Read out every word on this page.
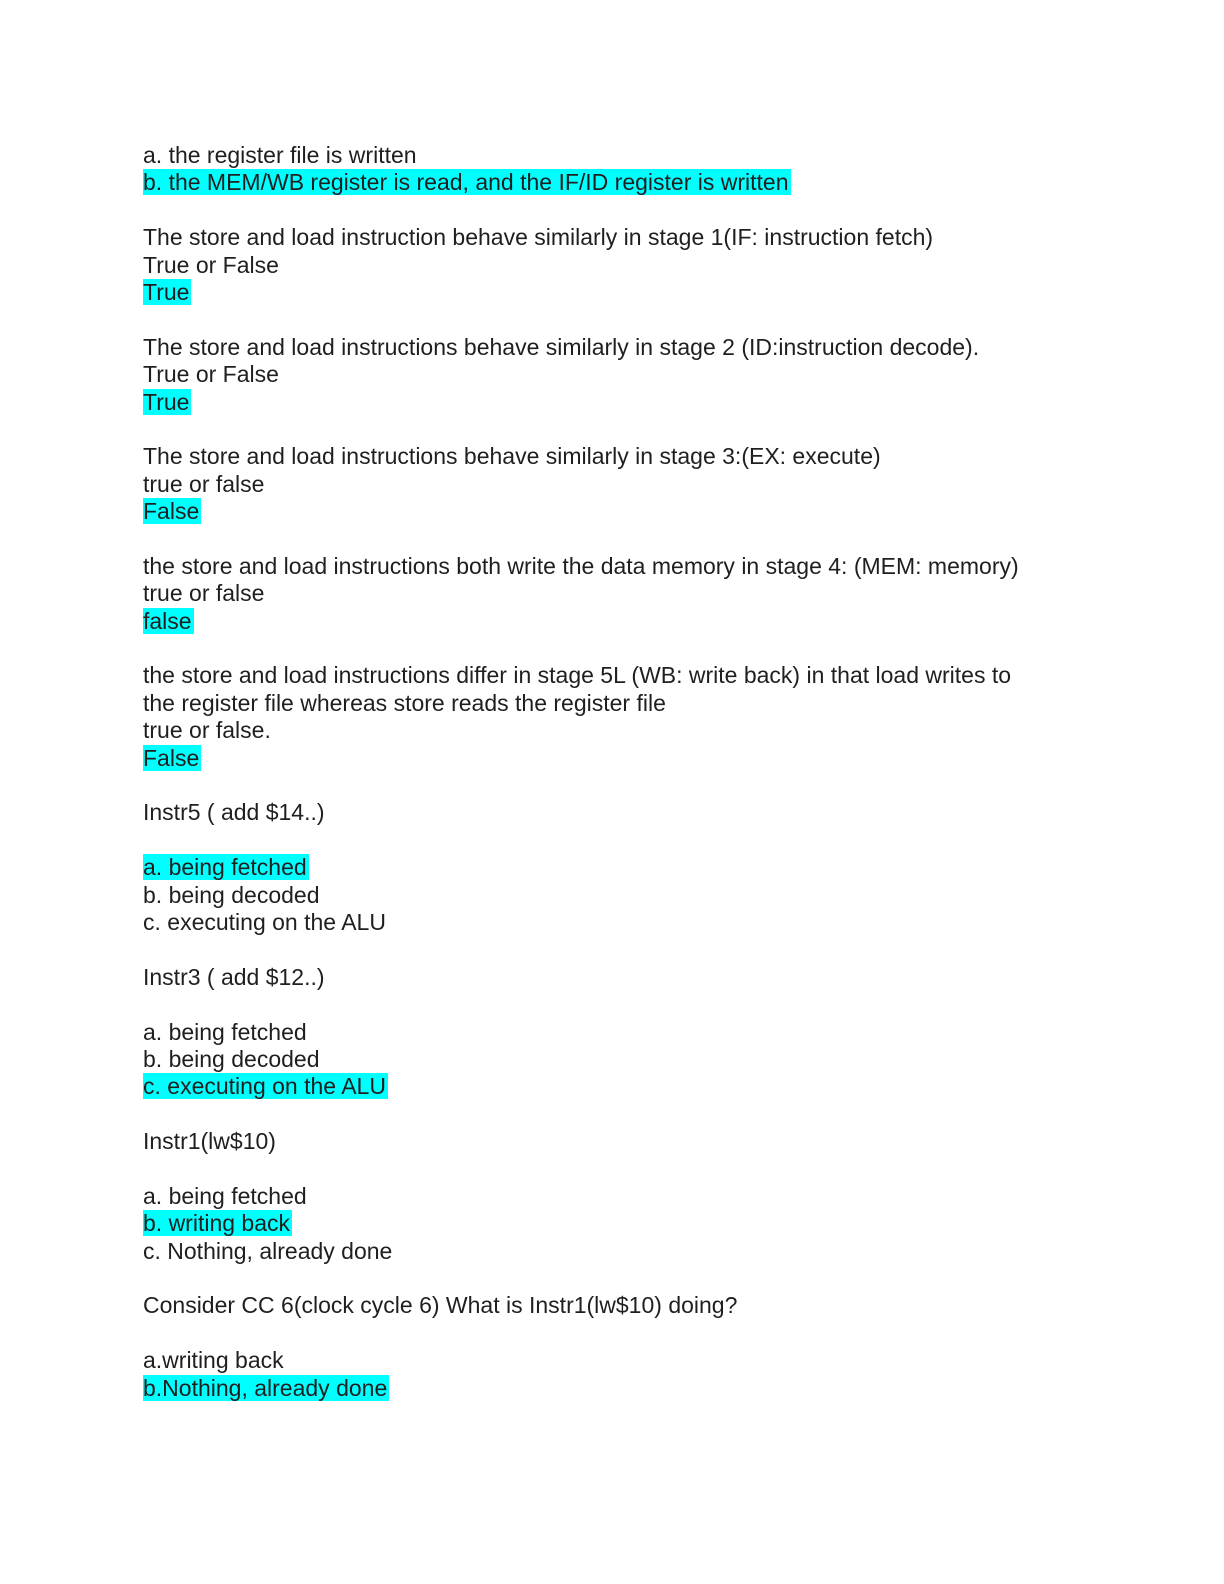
a. the register file is written
b. the MEM/WB register is read, and the IF/ID register is written
The store and load instruction behave similarly in stage 1(IF: instruction fetch)
True or False
True
The store and load instructions behave similarly in stage 2 (ID:instruction decode).
True or False
True
The store and load instructions behave similarly in stage 3:(EX: execute)
true or false
False
the store and load instructions both write the data memory in stage 4: (MEM: memory)
true or false
false
the store and load instructions differ in stage 5L (WB: write back) in that load writes to
the register file whereas store reads the register file
true or false.
False
Instr5 ( add $14..)
a. being fetched
b. being decoded
c. executing on the ALU
Instr3 ( add $12..)
a. being fetched
b. being decoded
c. executing on the ALU
Instr1(lw$10)
a. being fetched
b. writing back
c. Nothing, already done
Consider CC 6(clock cycle 6) What is Instr1(lw$10) doing?
a.writing back
b.Nothing, already done
